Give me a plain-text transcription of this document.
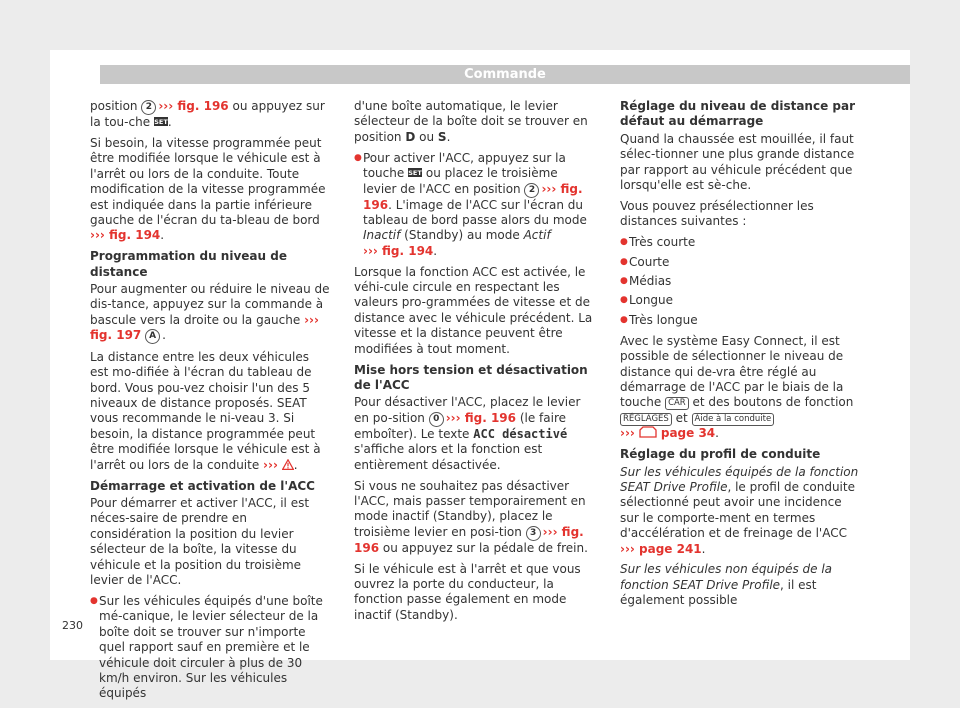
Commande

position 2 ››› fig. 196 ou appuyez sur la tou-che SET .

Si besoin, la vitesse programmée peut être modifiée lorsque le véhicule est à l'arrêt ou lors de la conduite. Toute modification de la vitesse programmée est indiquée dans la partie inférieure gauche de l'écran du ta-bleau de bord ››› fig. 194.

Programmation du niveau de distance

Pour augmenter ou réduire le niveau de dis-tance, appuyez sur la commande à bascule vers la droite ou la gauche ››› fig. 197 A .

La distance entre les deux véhicules est mo-difiée à l'écran du tableau de bord. Vous pou-vez choisir l'un des 5 niveaux de distance proposés. SEAT vous recommande le ni-veau 3. Si besoin, la distance programmée peut être modifiée lorsque le véhicule est à l'arrêt ou lors de la conduite ››› .

Démarrage et activation de l'ACC

Pour démarrer et activer l'ACC, il est néces-saire de prendre en considération la position du levier sélecteur de la boîte, la vitesse du véhicule et la position du troisième levier de l'ACC.

● Sur les véhicules équipés d'une boîte mé-canique, le levier sélecteur de la boîte doit se trouver sur n'importe quel rapport sauf en première et le véhicule doit circuler à plus de 30 km/h environ. Sur les véhicules équipés

d'une boîte automatique, le levier sélecteur de la boîte doit se trouver en position D ou S.

● Pour activer l'ACC, appuyez sur la touche SET ou placez le troisième levier de l'ACC en position 2 ››› fig. 196. L'image de l'ACC sur l'écran du tableau de bord passe alors du mode Inactif (Standby) au mode Actif
››› fig. 194.

Lorsque la fonction ACC est activée, le véhi-cule circule en respectant les valeurs pro-grammées de vitesse et de distance avec le véhicule précédent. La vitesse et la distance peuvent être modifiées à tout moment.

Mise hors tension et désactivation de l'ACC

Pour désactiver l'ACC, placez le levier en po-sition 0 ››› fig. 196 (le faire emboîter). Le texte ACC désactivé s'affiche alors et la fonction est entièrement désactivée.

Si vous ne souhaitez pas désactiver l'ACC, mais passer temporairement en mode inactif (Standby), placez le troisième levier en posi-tion 3 ››› fig. 196 ou appuyez sur la pédale de frein.

Si le véhicule est à l'arrêt et que vous ouvrez la porte du conducteur, la fonction passe également en mode inactif (Standby).

Réglage du niveau de distance par défaut au démarrage

Quand la chaussée est mouillée, il faut sélec-tionner une plus grande distance par rapport au véhicule précédent que lorsqu'elle est sè-che.

Vous pouvez présélectionner les distances suivantes :

● Très courte

● Courte

● Médias

● Longue

● Très longue

Avec le système Easy Connect, il est possible de sélectionner le niveau de distance qui de-vra être réglé au démarrage de l'ACC par le biais de la touche CAR et des boutons de fonction RÉGLAGES et Aide à la conduite
›››  page 34.

Réglage du profil de conduite

Sur les véhicules équipés de la fonction SEAT Drive Profile, le profil de conduite sélectionné peut avoir une incidence sur le comporte-ment en termes d'accélération et de freinage de l'ACC ››› page 241.

Sur les véhicules non équipés de la fonction SEAT Drive Profile, il est également possible

230
